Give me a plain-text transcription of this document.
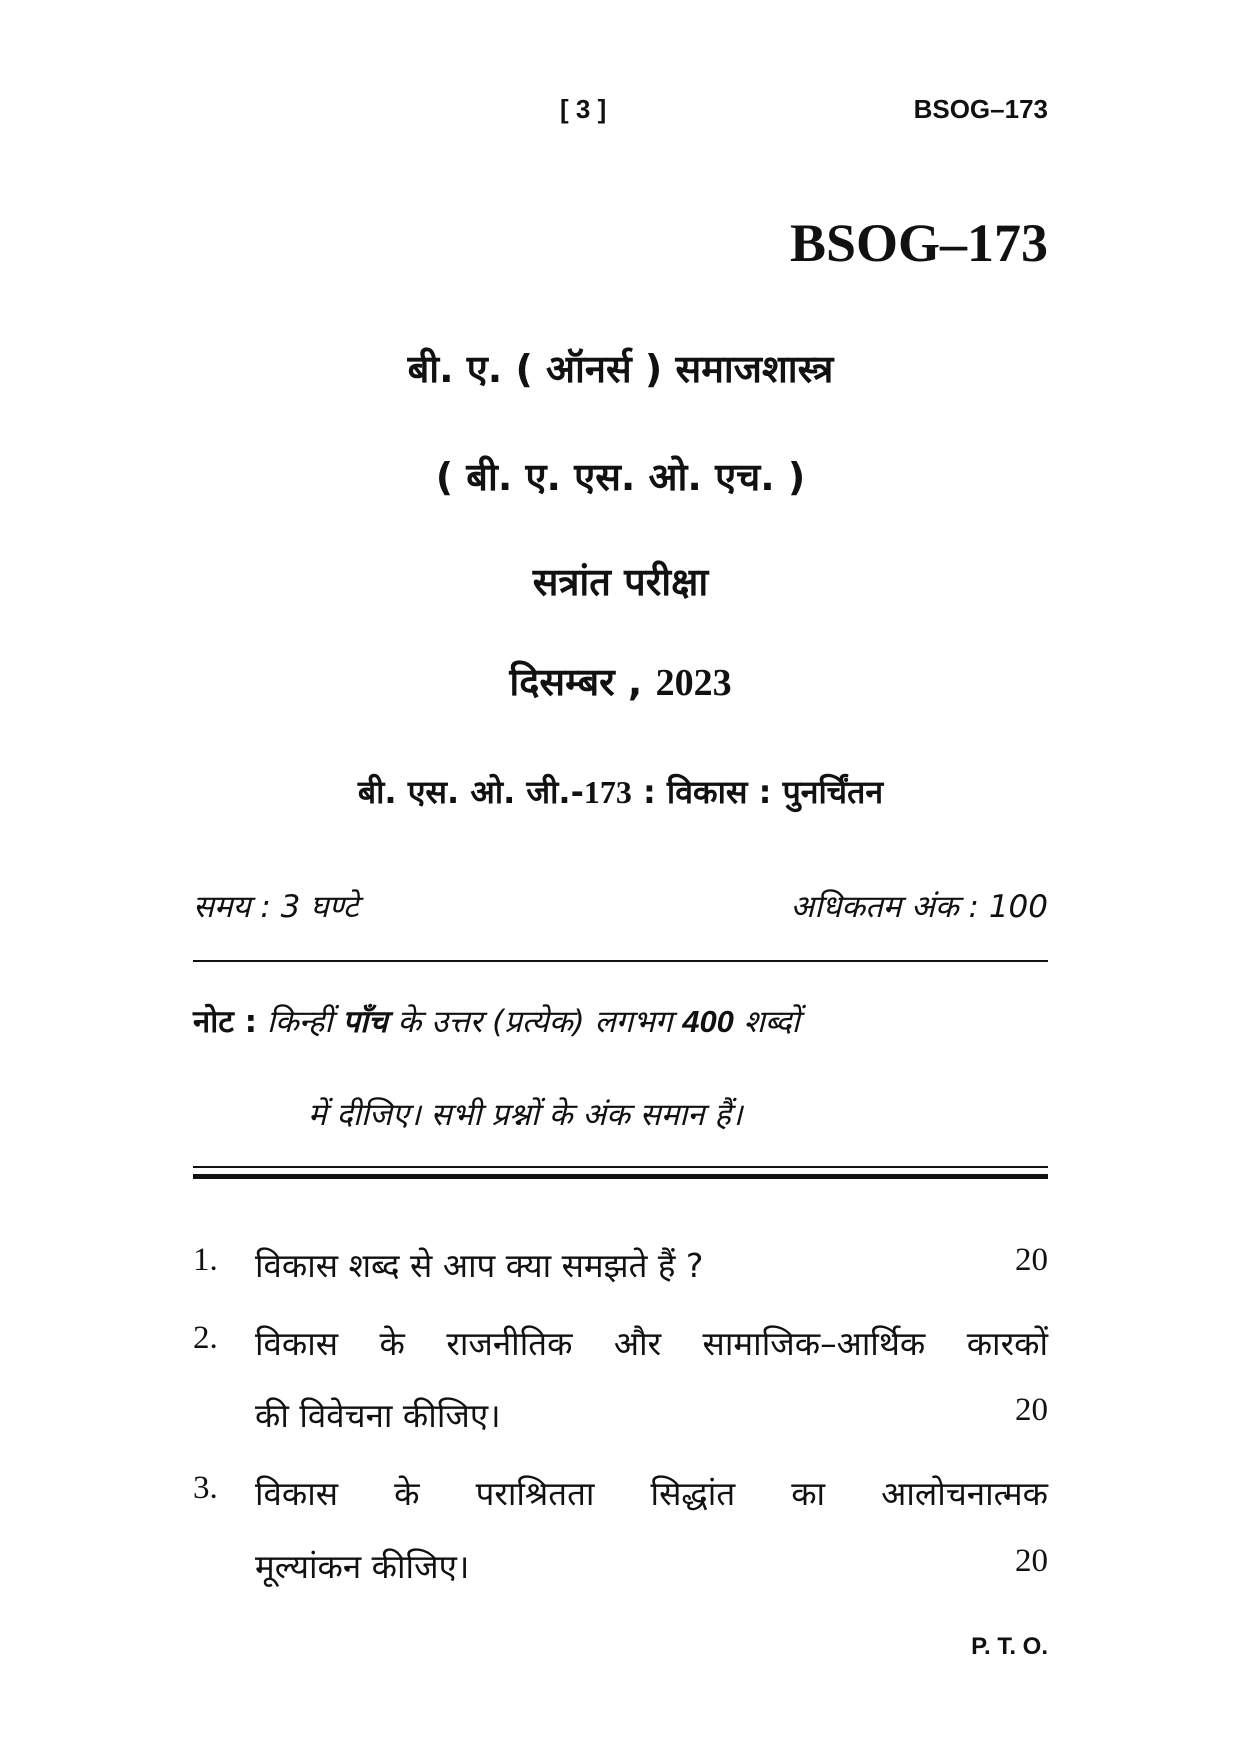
[ 3 ]	BSOG–173
BSOG–173
बी. ए. ( ऑनर्स ) समाजशास्त्र
( बी. ए. एस. ओ. एच. )
सत्रांत परीक्षा
दिसम्बर , 2023
बी. एस. ओ. जी.-173 : विकास : पुनर्चिंतन
समय : 3 घण्टे	अधिकतम अंक : 100
नोट : किन्हीं पाँच के उत्तर (प्रत्येक) लगभग 400 शब्दों
में दीजिए। सभी प्रश्नों के अंक समान हैं।
1.	विकास शब्द से आप क्या समझते हैं ?	20
2.	विकास के राजनीतिक और सामाजिक–आर्थिक कारकों
की विवेचना कीजिए।	20
3.	विकास के पराश्रितता सिद्धांत का आलोचनात्मक
मूल्यांकन कीजिए।	20
P. T. O.
